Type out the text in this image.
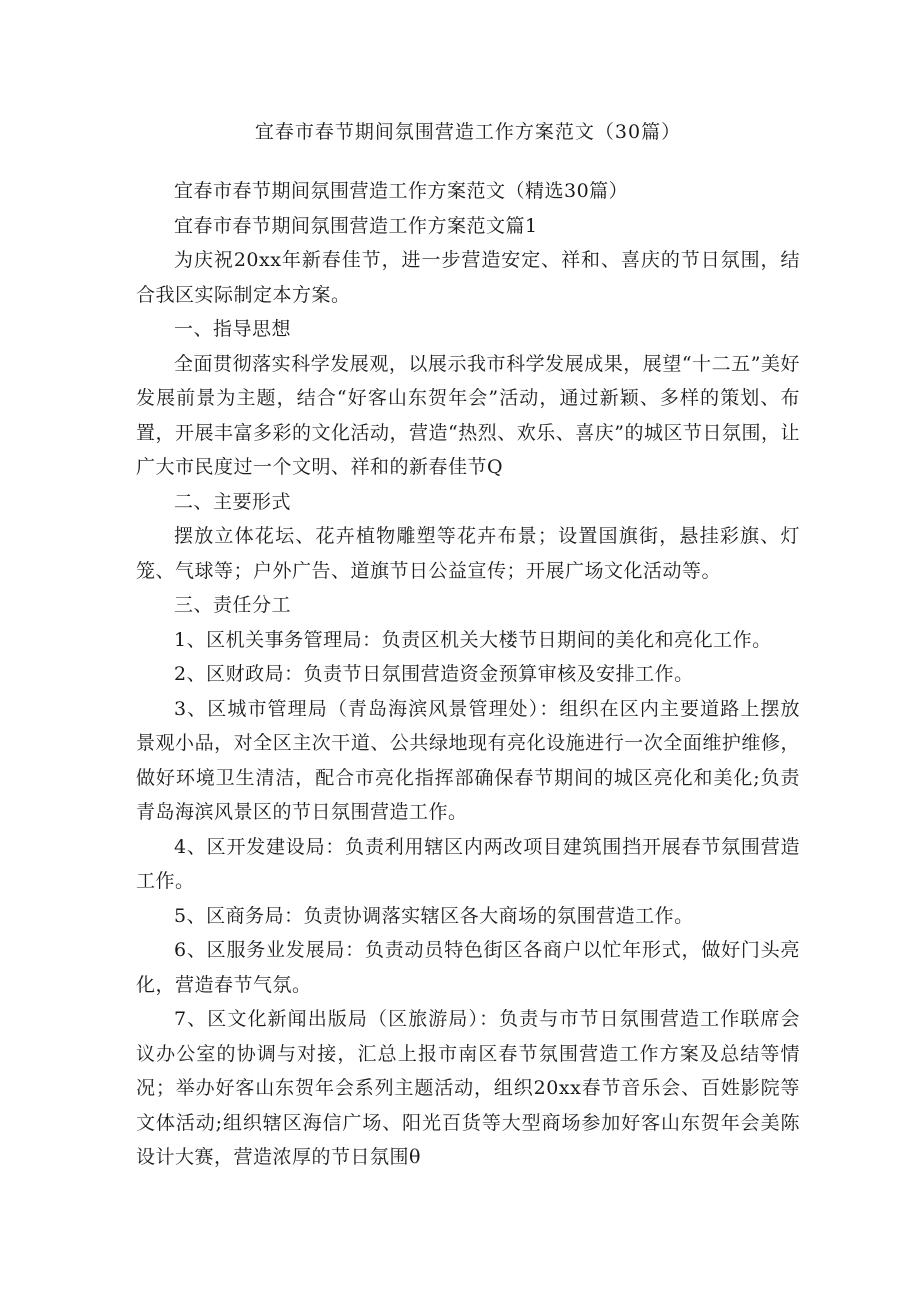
宜春市春节期间氛围营造工作方案范文（30篇）

宜春市春节期间氛围营造工作方案范文（精选30篇）

宜春市春节期间氛围营造工作方案范文篇1

为庆祝20xx年新春佳节，进一步营造安定、祥和、喜庆的节日氛围，结合我区实际制定本方案。

一、指导思想

全面贯彻落实科学发展观，以展示我市科学发展成果，展望“十二五”美好发展前景为主题，结合“好客山东贺年会”活动，通过新颖、多样的策划、布置，开展丰富多彩的文化活动，营造“热烈、欢乐、喜庆”的城区节日氛围，让广大市民度过一个文明、祥和的新春佳节Q

二、主要形式

摆放立体花坛、花卉植物雕塑等花卉布景；设置国旗街，悬挂彩旗、灯笼、气球等；户外广告、道旗节日公益宣传；开展广场文化活动等。

三、责任分工

1、区机关事务管理局：负责区机关大楼节日期间的美化和亮化工作。

2、区财政局：负责节日氛围营造资金预算审核及安排工作。

3、区城市管理局（青岛海滨风景管理处）：组织在区内主要道路上摆放景观小品，对全区主次干道、公共绿地现有亮化设施进行一次全面维护维修，做好环境卫生清洁，配合市亮化指挥部确保春节期间的城区亮化和美化;负责青岛海滨风景区的节日氛围营造工作。

4、区开发建设局：负责利用辖区内两改项目建筑围挡开展春节氛围营造工作。

5、区商务局：负责协调落实辖区各大商场的氛围营造工作。

6、区服务业发展局：负责动员特色街区各商户以忙年形式，做好门头亮化，营造春节气氛。

7、区文化新闻出版局（区旅游局）：负责与市节日氛围营造工作联席会议办公室的协调与对接，汇总上报市南区春节氛围营造工作方案及总结等情况；举办好客山东贺年会系列主题活动，组织20xx春节音乐会、百姓影院等文体活动;组织辖区海信广场、阳光百货等大型商场参加好客山东贺年会美陈设计大赛，营造浓厚的节日氛围θ
